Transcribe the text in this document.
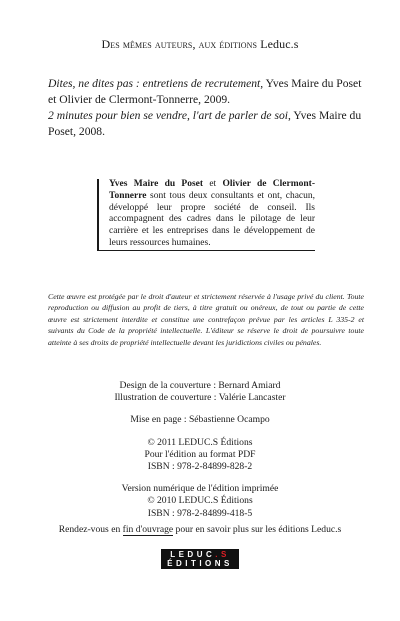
Des mêmes auteurs, aux éditions Leduc.s

Dites, ne dites pas : entretiens de recrutement, Yves Maire du Poset et Olivier de Clermont-Tonnerre, 2009.

2 minutes pour bien se vendre, l'art de parler de soi, Yves Maire du Poset, 2008.

Yves Maire du Poset et Olivier de Clermont-Tonnerre sont tous deux consultants et ont, chacun, développé leur propre société de conseil. Ils accompagnent des cadres dans le pilotage de leur carrière et les entreprises dans le développement de leurs ressources humaines.

Cette œuvre est protégée par le droit d'auteur et strictement réservée à l'usage privé du client. Toute reproduction ou diffusion au profit de tiers, à titre gratuit ou onéreux, de tout ou partie de cette œuvre est strictement interdite et constitue une contrefaçon prévue par les articles L 335-2 et suivants du Code de la propriété intellectuelle. L'éditeur se réserve le droit de poursuivre toute atteinte à ses droits de propriété intellectuelle devant les juridictions civiles ou pénales.

Design de la couverture : Bernard Amiard

Illustration de couverture : Valérie Lancaster

Mise en page : Sébastienne Ocampo

© 2011 LEDUC.S Éditions

Pour l'édition au format PDF

ISBN : 978-2-84899-828-2

Version numérique de l'édition imprimée

© 2010 LEDUC.S Éditions

ISBN : 978-2-84899-418-5

Rendez-vous en fin d'ouvrage pour en savoir plus sur les éditions Leduc.s
LEDUC.S
ÉDITIONS
